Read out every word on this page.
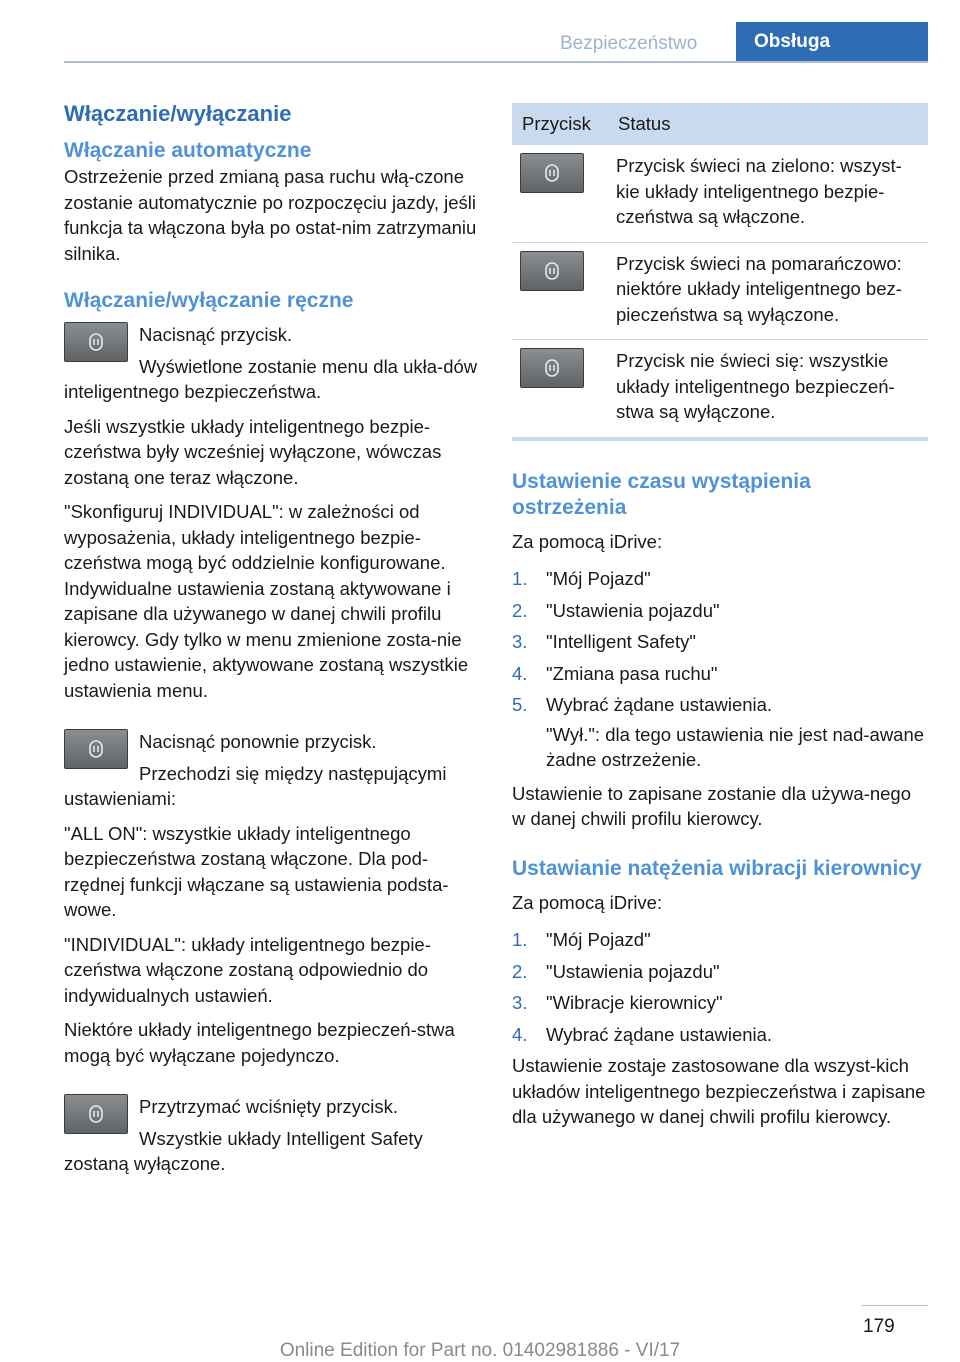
Bezpieczeństwo	Obsługa
Włączanie/wyłączanie
Włączanie automatyczne

Ostrzeżenie przed zmianą pasa ruchu włą‐czone zostanie automatycznie po rozpoczęciu jazdy, jeśli funkcja ta włączona była po ostat‐nim zatrzymaniu silnika.

Włączanie/wyłączanie ręczne

Nacisnąć przycisk.

Wyświetlone zostanie menu dla ukła‐dów inteligentnego bezpieczeństwa.

Jeśli wszystkie układy inteligentnego bezpie‐czeństwa były wcześniej wyłączone, wówczas zostaną one teraz włączone.

"Skonfiguruj INDIVIDUAL": w zależności od wyposażenia, układy inteligentnego bezpie‐czeństwa mogą być oddzielnie konfigurowane. Indywidualne ustawienia zostaną aktywowane i zapisane dla używanego w danej chwili profilu kierowcy. Gdy tylko w menu zmienione zosta‐nie jedno ustawienie, aktywowane zostaną wszystkie ustawienia menu.

Nacisnąć ponownie przycisk.

Przechodzi się między następującymi ustawieniami:

"ALL ON": wszystkie układy inteligentnego bezpieczeństwa zostaną włączone. Dla pod‐rzędnej funkcji włączane są ustawienia podsta‐wowe.

"INDIVIDUAL": układy inteligentnego bezpie‐czeństwa włączone zostaną odpowiednio do indywidualnych ustawień.

Niektóre układy inteligentnego bezpieczeń‐stwa mogą być wyłączane pojedynczo.

Przytrzymać wciśnięty przycisk.

Wszystkie układy Intelligent Safety zostaną wyłączone.

Przycisk	Status

	Przycisk świeci na zielono: wszyst‐kie układy inteligentnego bezpie‐czeństwa są włączone.

	Przycisk świeci na pomarańczowo: niektóre układy inteligentnego bez‐pieczeństwa są wyłączone.

	Przycisk nie świeci się: wszystkie układy inteligentnego bezpieczeń‐stwa są wyłączone.
Ustawienie czasu wystąpienia ostrzeżenia

Za pomocą iDrive:

1. "Mój Pojazd"
2. "Ustawienia pojazdu"
3. "Intelligent Safety"
4. "Zmiana pasa ruchu"
5. Wybrać żądane ustawienia.

"Wył.": dla tego ustawienia nie jest nad‐awane żadne ostrzeżenie.

Ustawienie to zapisane zostanie dla używa‐nego w danej chwili profilu kierowcy.

Ustawianie natężenia wibracji kierownicy

Za pomocą iDrive:

1. "Mój Pojazd"
2. "Ustawienia pojazdu"
3. "Wibracje kierownicy"
4. Wybrać żądane ustawienia.

Ustawienie zostaje zastosowane dla wszyst‐kich układów inteligentnego bezpieczeństwa i zapisane dla używanego w danej chwili profilu kierowcy.

179
Online Edition for Part no. 01402981886 - VI/17
